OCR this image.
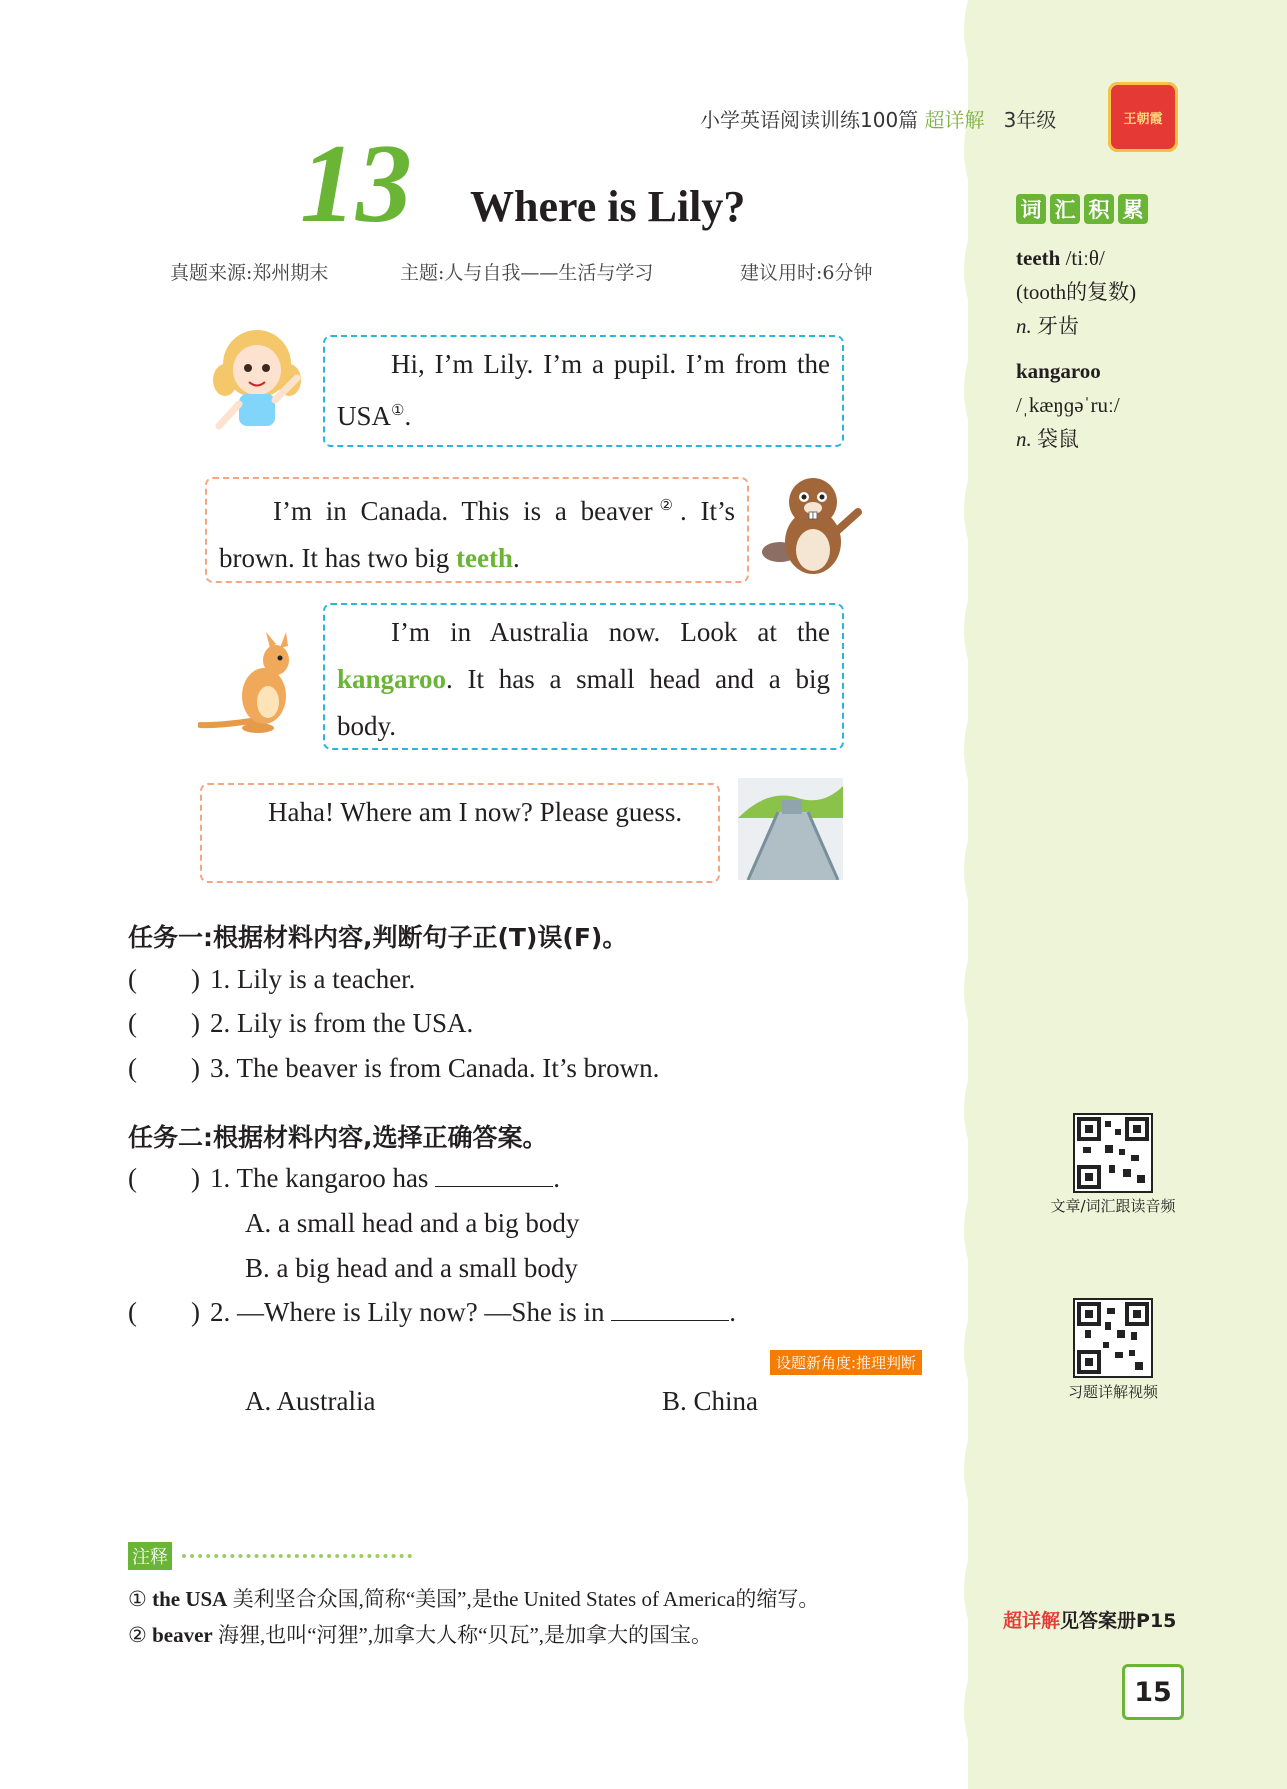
小学英语阅读训练100篇 超详解 3年级	王朝霞
13 Where is Lily?
真题来源:郑州期末	主题:人与自我——生活与学习	建议用时:6分钟

Hi, I’m Lily. I’m a pupil. I’m from the USA①.

I’m in Canada. This is a beaver②. It’s brown. It has two big teeth.

I’m in Australia now. Look at the kangaroo. It has a small head and a big body.

Haha! Where am I now? Please guess.

任务一:根据材料内容,判断句子正(T)误(F)。
(        ) 1. Lily is a teacher.
(        ) 2. Lily is from the USA.
(        ) 3. The beaver is from Canada. It’s brown.
任务二:根据材料内容,选择正确答案。
(        ) 1. The kangaroo has	.
A. a small head and a big body
B. a big head and a small body
(        ) 2. —Where is Lily now? —She is in	.
设题新角度:推理判断
A. Australia	B. China
注释
① the USA 美利坚合众国,简称“美国”,是the United States of America的缩写。
② beaver 海狸,也叫“河狸”,加拿大人称“贝瓦”,是加拿大的国宝。
词 汇 积 累
teeth /tiːθ/
(tooth的复数)
n. 牙齿
kangaroo
/ˌkæŋɡəˈruː/
n. 袋鼠
文章/词汇跟读音频
习题详解视频
超详解见答案册P15
15
